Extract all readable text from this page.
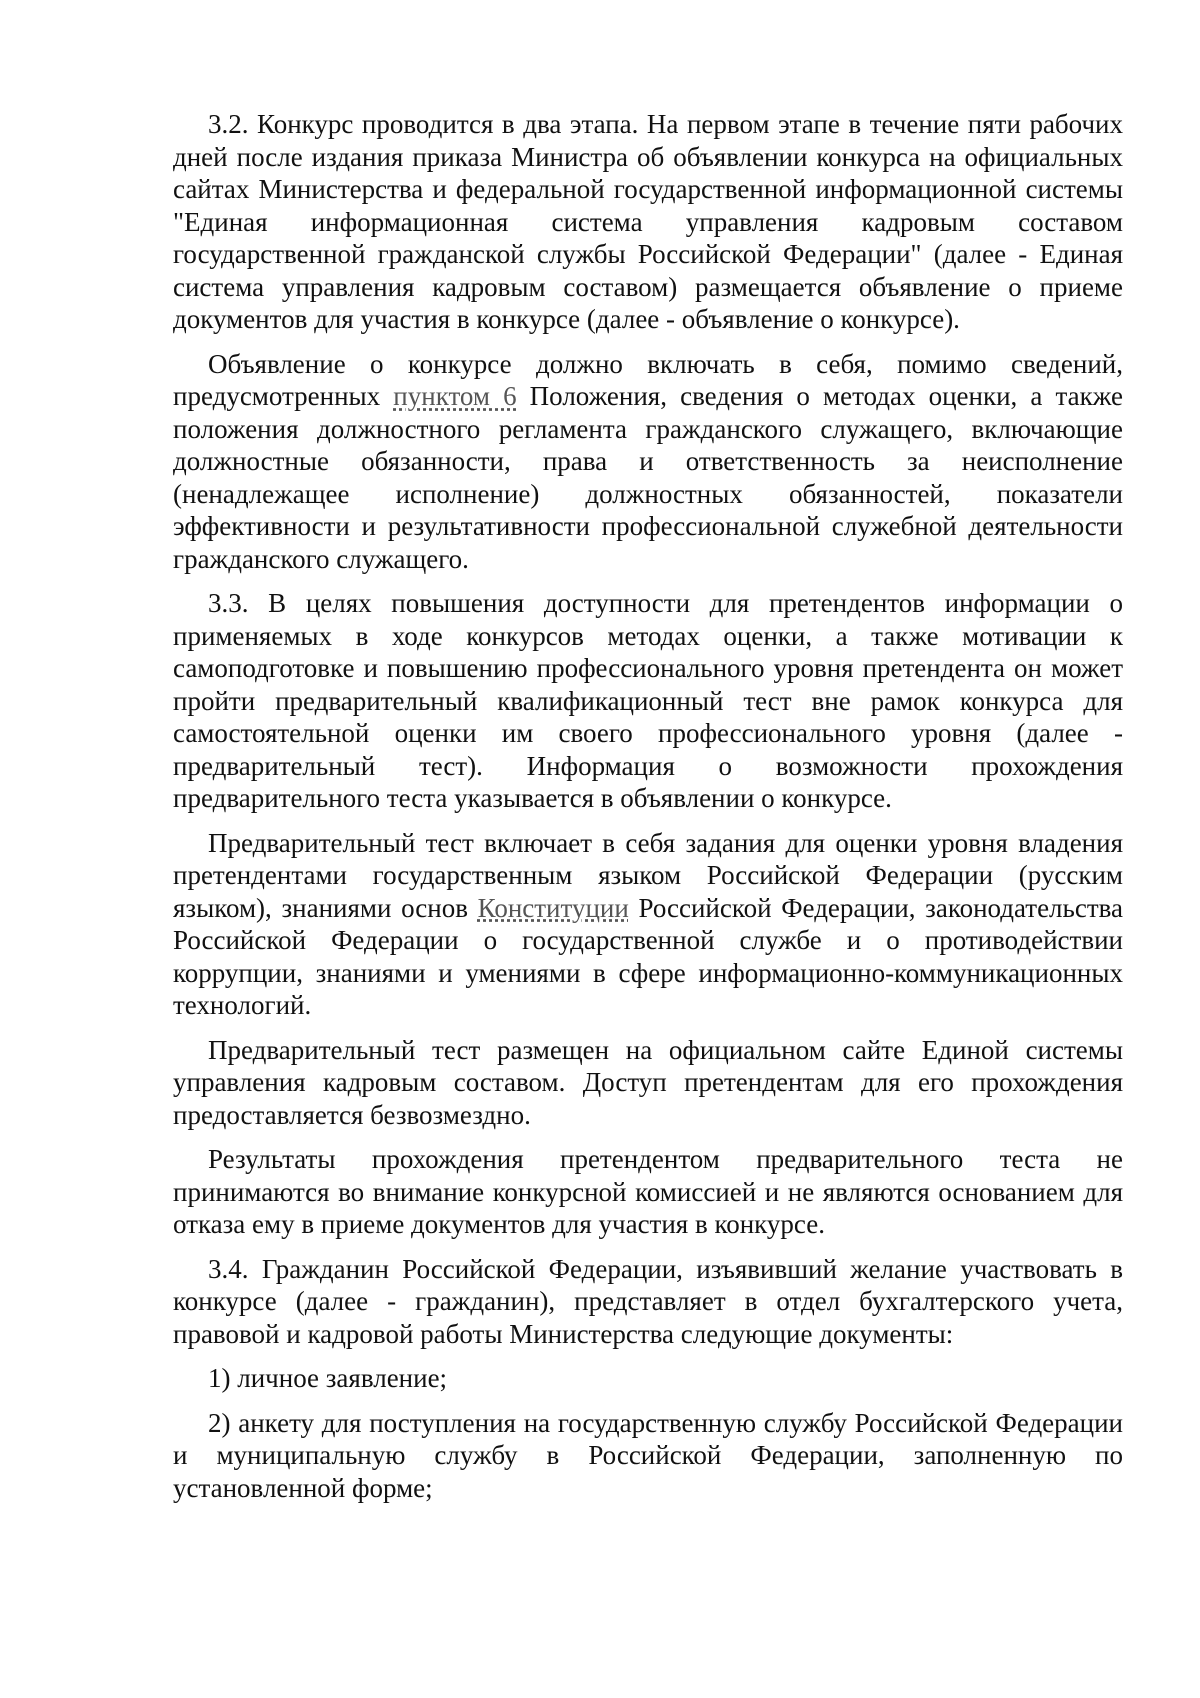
3.2. Конкурс проводится в два этапа. На первом этапе в течение пяти рабочих дней после издания приказа Министра об объявлении конкурса на официальных сайтах Министерства и федеральной государственной информационной системы "Единая информационная система управления кадровым составом государственной гражданской службы Российской Федерации" (далее - Единая система управления кадровым составом) размещается объявление о приеме документов для участия в конкурсе (далее - объявление о конкурсе).

Объявление о конкурсе должно включать в себя, помимо сведений, предусмотренных пунктом 6 Положения, сведения о методах оценки, а также положения должностного регламента гражданского служащего, включающие должностные обязанности, права и ответственность за неисполнение (ненадлежащее исполнение) должностных обязанностей, показатели эффективности и результативности профессиональной служебной деятельности гражданского служащего.

3.3. В целях повышения доступности для претендентов информации о применяемых в ходе конкурсов методах оценки, а также мотивации к самоподготовке и повышению профессионального уровня претендента он может пройти предварительный квалификационный тест вне рамок конкурса для самостоятельной оценки им своего профессионального уровня (далее - предварительный тест). Информация о возможности прохождения предварительного теста указывается в объявлении о конкурсе.

Предварительный тест включает в себя задания для оценки уровня владения претендентами государственным языком Российской Федерации (русским языком), знаниями основ Конституции Российской Федерации, законодательства Российской Федерации о государственной службе и о противодействии коррупции, знаниями и умениями в сфере информационно-коммуникационных технологий.

Предварительный тест размещен на официальном сайте Единой системы управления кадровым составом. Доступ претендентам для его прохождения предоставляется безвозмездно.

Результаты прохождения претендентом предварительного теста не принимаются во внимание конкурсной комиссией и не являются основанием для отказа ему в приеме документов для участия в конкурсе.

3.4. Гражданин Российской Федерации, изъявивший желание участвовать в конкурсе (далее - гражданин), представляет в отдел бухгалтерского учета, правовой и кадровой работы Министерства следующие документы:

1) личное заявление;

2) анкету для поступления на государственную службу Российской Федерации и муниципальную службу в Российской Федерации, заполненную по установленной форме;
